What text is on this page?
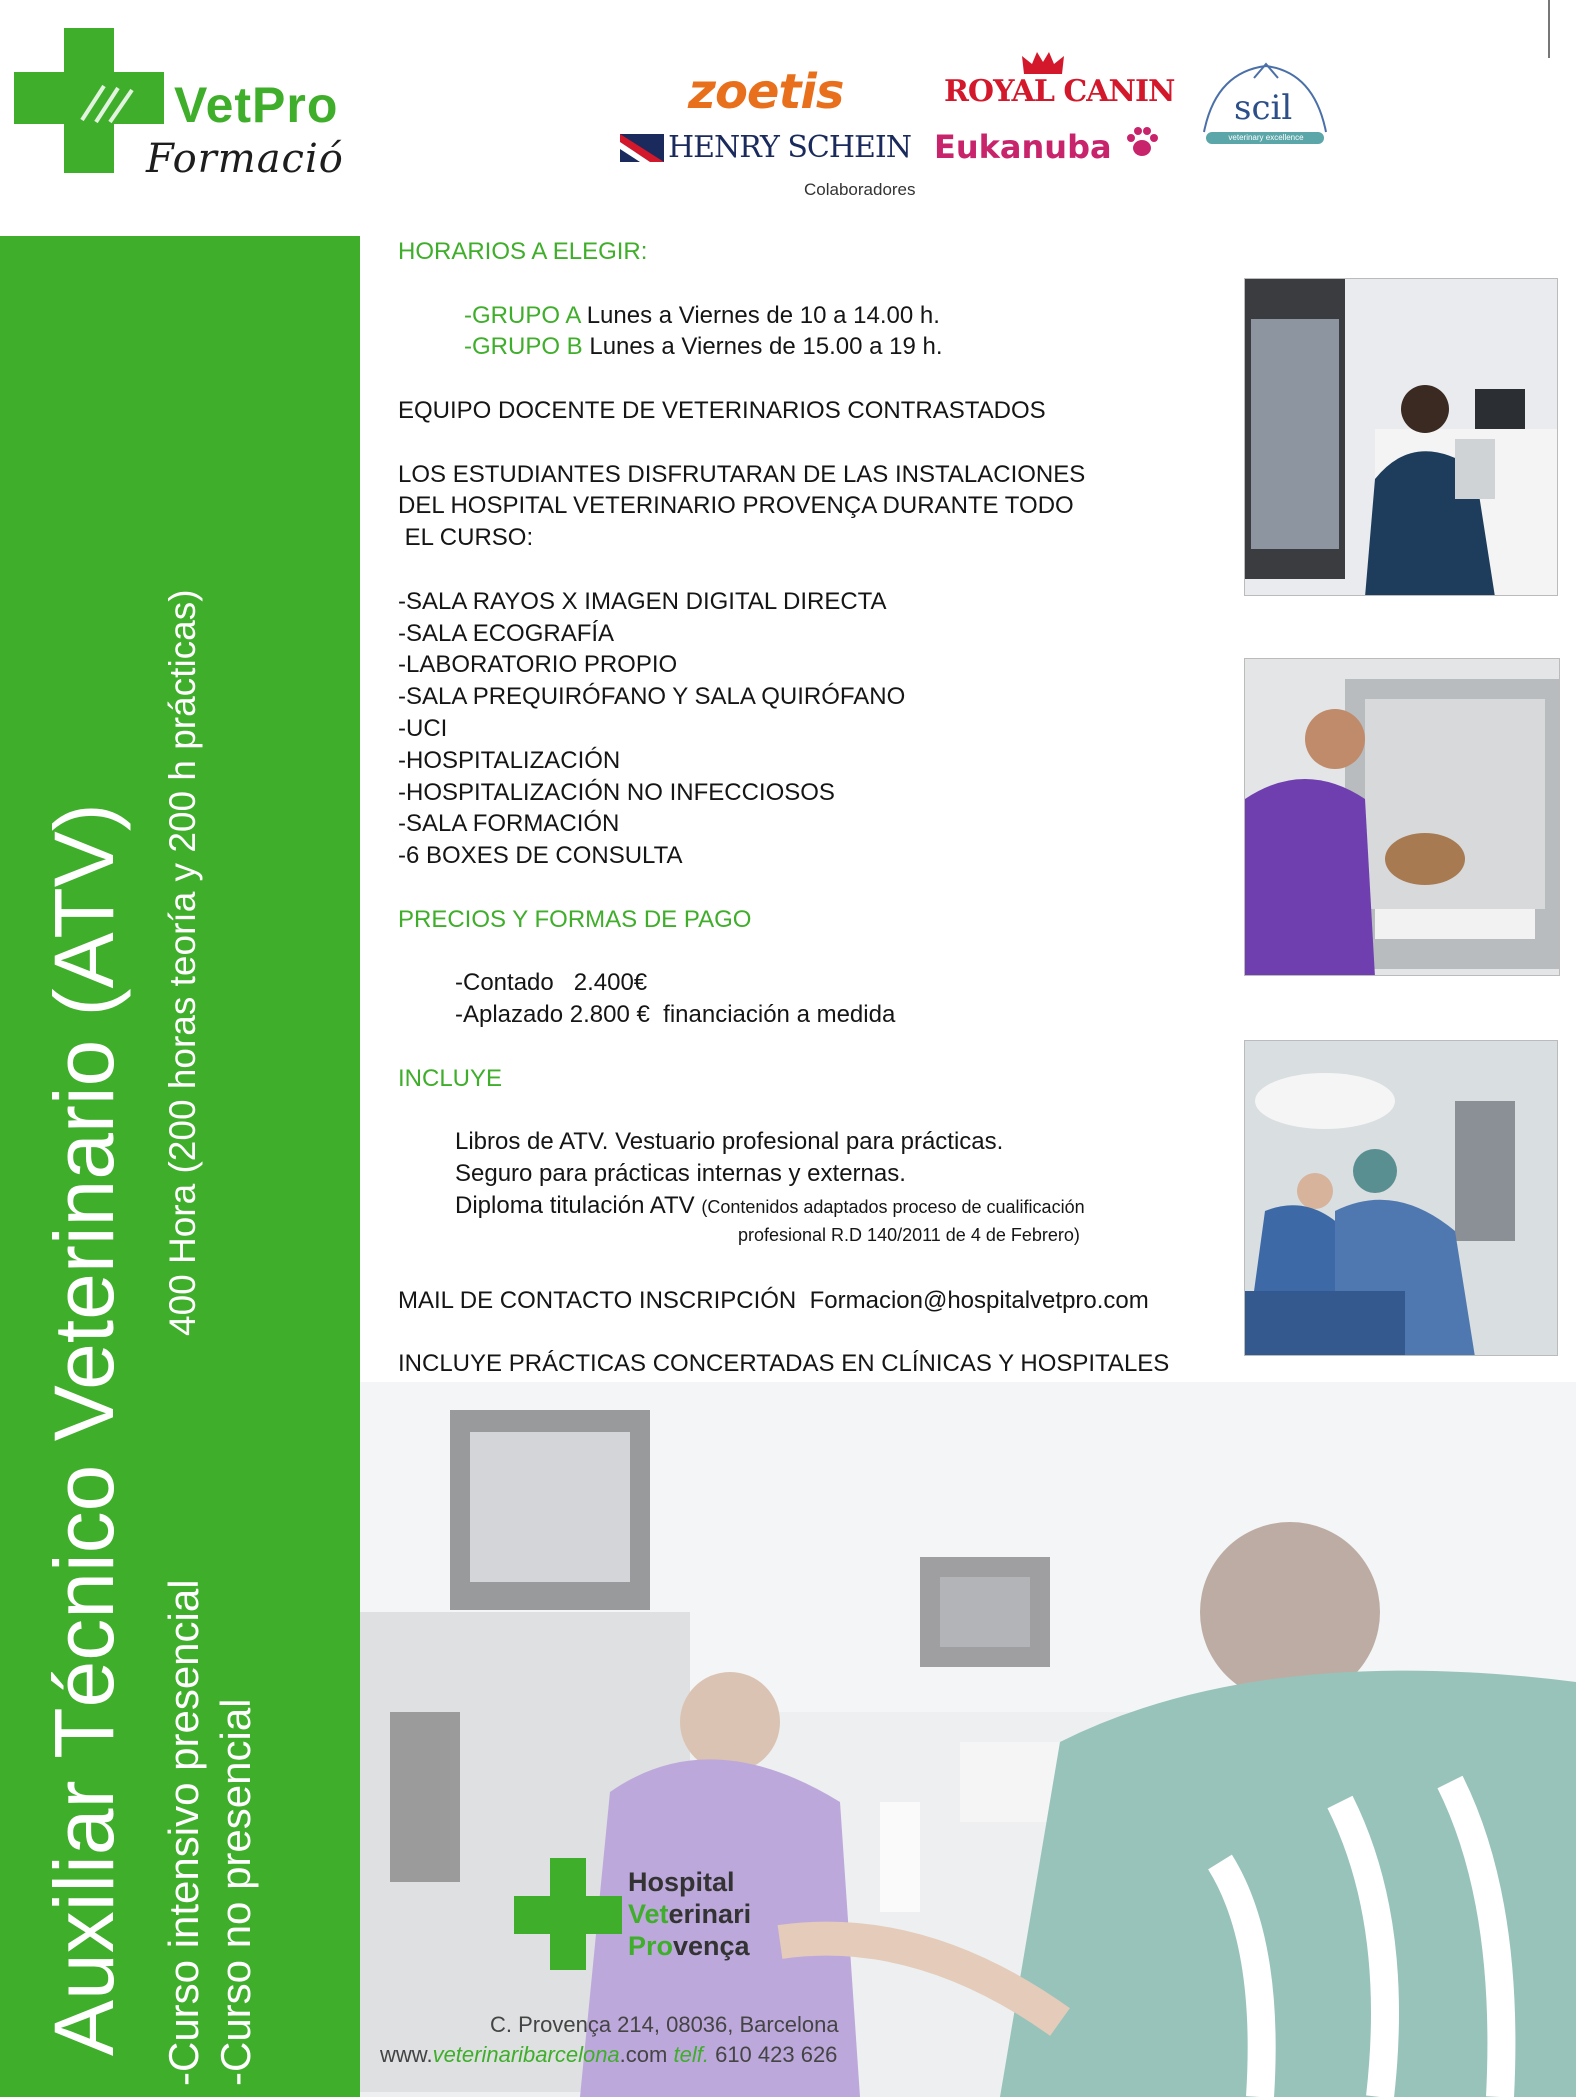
VetPro
Formació
zoetis	ROYAL CANIN
HENRY SCHEIN Eukanuba
scil
veterinary excellence
Colaboradores
Auxiliar Técnico Veterinario (ATV) 400 Hora (200 horas teoría y 200 h prácticas)
-Curso intensivo presencial -Curso no presencial
HORARIOS A ELEGIR:
-GRUPO A Lunes a Viernes de 10 a 14.00 h.
-GRUPO B Lunes a Viernes de 15.00 a 19 h.
EQUIPO DOCENTE DE VETERINARIOS CONTRASTADOS
LOS ESTUDIANTES DISFRUTARAN DE LAS INSTALACIONES
DEL HOSPITAL VETERINARIO PROVENÇA DURANTE TODO
EL CURSO:
-SALA RAYOS X IMAGEN DIGITAL DIRECTA
-SALA ECOGRAFÍA
-LABORATORIO PROPIO
-SALA PREQUIRÓFANO Y SALA QUIRÓFANO
-UCI
-HOSPITALIZACIÓN
-HOSPITALIZACIÓN NO INFECCIOSOS
-SALA FORMACIÓN
-6 BOXES DE CONSULTA
PRECIOS Y FORMAS DE PAGO
-Contado   2.400€
-Aplazado 2.800 €  financiación a medida
INCLUYE
Libros de ATV. Vestuario profesional para prácticas.
Seguro para prácticas internas y externas.
Diploma titulación ATV (Contenidos adaptados proceso de cualificación
profesional R.D 140/2011 de 4 de Febrero)
MAIL DE CONTACTO INSCRIPCIÓN  Formacion@hospitalvetpro.com
INCLUYE PRÁCTICAS CONCERTADAS EN CLÍNICAS Y HOSPITALES
Hospital
Veterinari
Provença
C. Provença 214, 08036, Barcelona
www.veterinaribarcelona.com telf. 610 423 626
